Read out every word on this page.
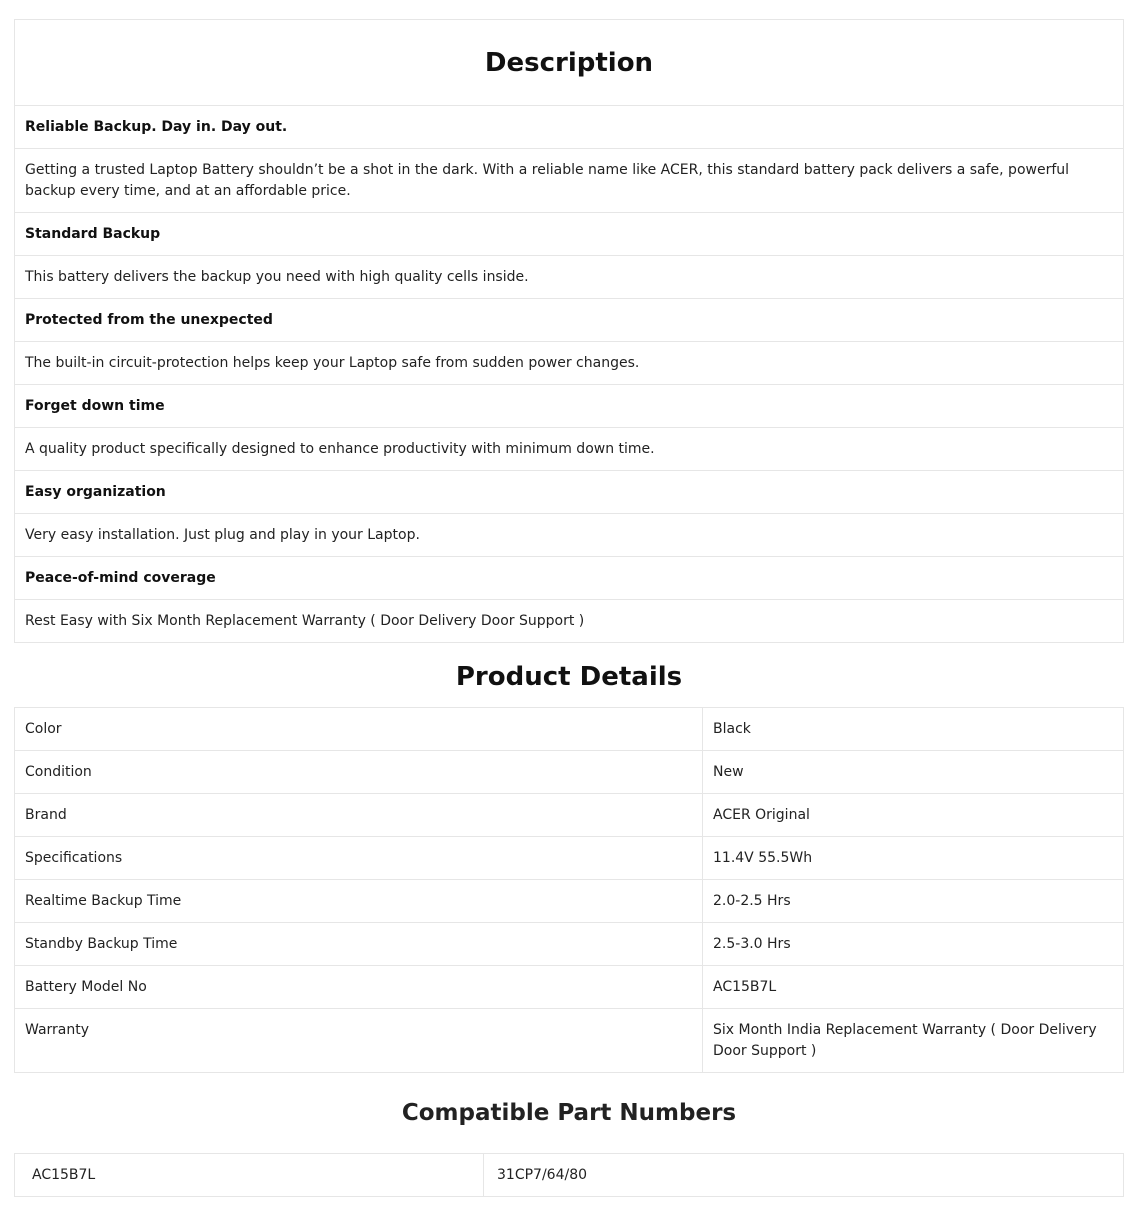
Description

Reliable Backup. Day in. Day out.
Getting a trusted Laptop Battery shouldn’t be a shot in the dark. With a reliable name like ACER, this standard battery pack delivers a safe, powerful backup every time, and at an affordable price.
Standard Backup
This battery delivers the backup you need with high quality cells inside.
Protected from the unexpected
The built-in circuit-protection helps keep your Laptop safe from sudden power changes.
Forget down time
A quality product specifically designed to enhance productivity with minimum down time.
Easy organization
Very easy installation. Just plug and play in your Laptop.
Peace-of-mind coverage
Rest Easy with Six Month Replacement Warranty ( Door Delivery Door Support )
Product Details
Color	Black
Condition	New
Brand	ACER Original
Specifications	11.4V 55.5Wh
Realtime Backup Time	2.0-2.5 Hrs
Standby Backup Time	2.5-3.0 Hrs
Battery Model No	AC15B7L
Warranty	Six Month India Replacement Warranty ( Door Delivery Door Support )
Compatible Part Numbers
AC15B7L	31CP7/64/80
